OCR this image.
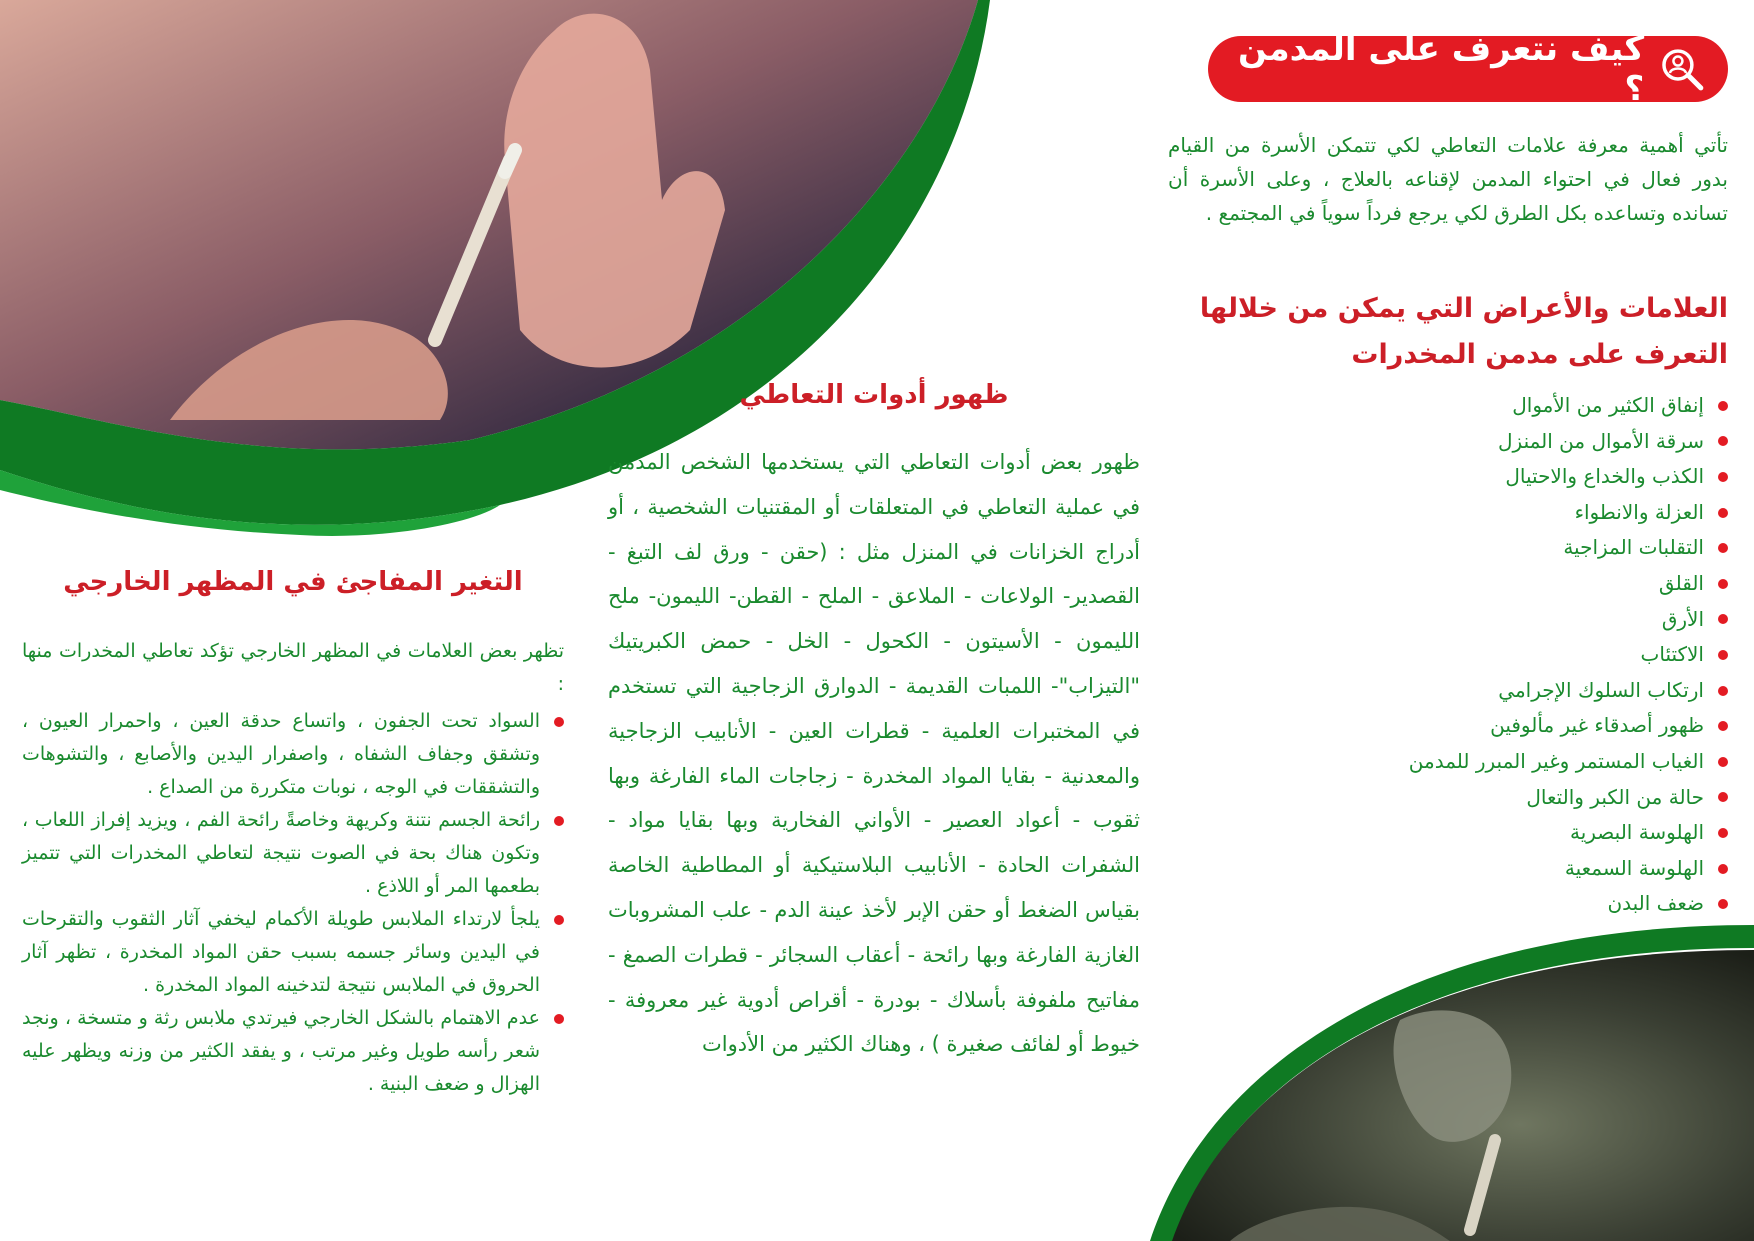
كيف نتعرف على المدمن ؟
تأتي أهمية معرفة علامات التعاطي لكي تتمكن الأسرة من القيام بدور فعال في احتواء المدمن لإقناعه بالعلاج ، وعلى الأسرة أن تسانده وتساعده بكل الطرق لكي يرجع فرداً سوياً في المجتمع .
العلامات والأعراض التي يمكن من خلالها التعرف على مدمن المخدرات
إنفاق الكثير من الأموال
سرقة الأموال من المنزل
الكذب والخداع والاحتيال
العزلة والانطواء
التقلبات المزاجية
القلق
الأرق
الاكتئاب
ارتكاب السلوك الإجرامي
ظهور أصدقاء غير مألوفين
الغياب المستمر وغير المبرر للمدمن
حالة من الكبر والتعال
الهلوسة البصرية
الهلوسة السمعية
ضعف البدن
ظهور أدوات التعاطي
ظهور بعض أدوات التعاطي التي يستخدمها الشخص المدمن في عملية التعاطي في المتعلقات أو المقتنيات الشخصية ، أو أدراج الخزانات في المنزل مثل : (حقن - ورق لف التبغ - القصدير- الولاعات - الملاعق - الملح - القطن- الليمون- ملح الليمون - الأسيتون - الكحول - الخل - حمض الكبريتيك "التيزاب"- اللمبات القديمة - الدوارق الزجاجية التي تستخدم في المختبرات العلمية - قطرات العين - الأنابيب الزجاجية والمعدنية - بقايا المواد المخدرة - زجاجات الماء الفارغة وبها ثقوب - أعواد العصير - الأواني الفخارية وبها بقايا مواد - الشفرات الحادة - الأنابيب البلاستيكية أو المطاطية الخاصة بقياس الضغط أو حقن الإبر لأخذ عينة الدم - علب المشروبات الغازية الفارغة وبها رائحة - أعقاب السجائر - قطرات الصمغ - مفاتيح ملفوفة بأسلاك - بودرة - أقراص أدوية غير معروفة - خيوط أو لفائف صغيرة ) ، وهناك الكثير من الأدوات
التغير المفاجئ في المظهر الخارجي
تظهر بعض العلامات في المظهر الخارجي تؤكد تعاطي المخدرات منها :
السواد تحت الجفون ، واتساع حدقة العين ، واحمرار العيون ، وتشقق وجفاف الشفاه ، واصفرار اليدين والأصابع ، والتشوهات والتشققات في الوجه ، نوبات متكررة من الصداع .
رائحة الجسم نتنة وكريهة وخاصةً رائحة الفم ، ويزيد إفراز اللعاب ، وتكون هناك بحة في الصوت نتيجة لتعاطي المخدرات التي تتميز بطعمها المر أو اللاذع .
يلجأ لارتداء الملابس طويلة الأكمام ليخفي آثار الثقوب والتقرحات في اليدين وسائر جسمه بسبب حقن المواد المخدرة ، تظهر آثار الحروق في الملابس نتيجة لتدخينه المواد المخدرة .
عدم الاهتمام بالشكل الخارجي فيرتدي ملابس رثة و متسخة ، ونجد شعر رأسه طويل وغير مرتب ، و يفقد الكثير من وزنه ويظهر عليه الهزال و ضعف البنية .
